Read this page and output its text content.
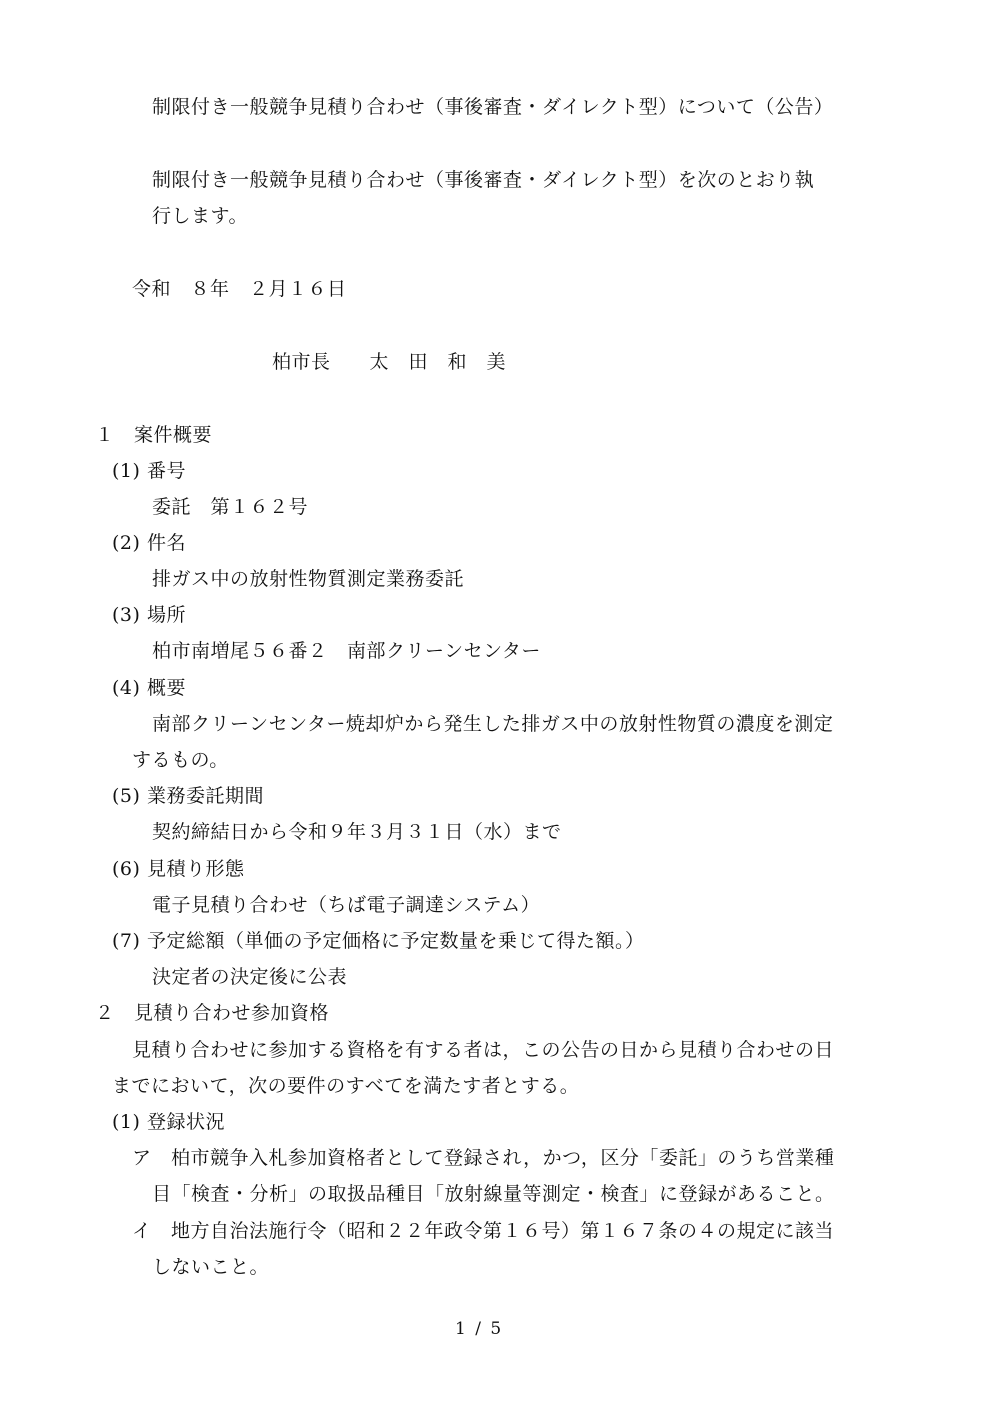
制限付き一般競争見積り合わせ（事後審査・ダイレクト型）について（公告）
制限付き一般競争見積り合わせ（事後審査・ダイレクト型）を次のとおり執
行します。
令和　８年　２月１６日
柏市長　　太　田　和　美
１　案件概要
(1) 番号
委託　第１６２号
(2) 件名
排ガス中の放射性物質測定業務委託
(3) 場所
柏市南増尾５６番２　南部クリーンセンター
(4) 概要
南部クリーンセンター焼却炉から発生した排ガス中の放射性物質の濃度を測定
するもの。
(5) 業務委託期間
契約締結日から令和９年３月３１日（水）まで
(6) 見積り形態
電子見積り合わせ（ちば電子調達システム）
(7) 予定総額（単価の予定価格に予定数量を乗じて得た額。）
決定者の決定後に公表
２　見積り合わせ参加資格
見積り合わせに参加する資格を有する者は，この公告の日から見積り合わせの日
までにおいて，次の要件のすべてを満たす者とする。
(1) 登録状況
ア　柏市競争入札参加資格者として登録され，かつ，区分「委託」のうち営業種
目「検査・分析」の取扱品種目「放射線量等測定・検査」に登録があること。
イ　地方自治法施行令（昭和２２年政令第１６号）第１６７条の４の規定に該当
しないこと。
1 / 5
